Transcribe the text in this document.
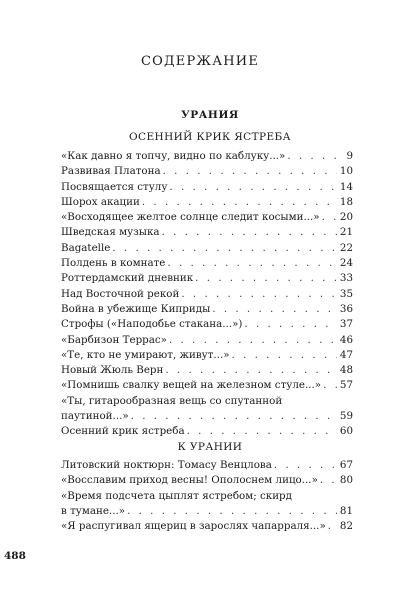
СОДЕРЖАНИЕ
УРАНИЯ
ОСЕННИЙ КРИК ЯСТРЕБА
«Как давно я топчу, видно по каблуку...» . . .	9
Развивая Платона . . .	10
Посвящается стулу . . .	14
Шорох акации . . .	18
«Восходящее желтое солнце следит косыми...» . . . 20
Шведская музыка . . .	21
Bagatelle . . .	22
Полдень в комнате . . .	24
Роттердамский дневник . . .	33
Над Восточной рекой . . .	35
Война в убежище Киприды . . .	36
Строфы («Наподобье стакана...») . . .	37
«Барбизон Террас» . . .	46
«Те, кто не умирают, живут...» . . .	47
Новый Жюль Верн . . .	48
«Помнишь свалку вещей на железном стуле...» . . . 57
«Ты, гитарообразная вещь со спутанной
паутиной...» . . .	59
Осенний крик ястреба . . .	60
К УРАНИИ
Литовский ноктюрн: Томасу Венцлова . . .	67
«Восславим приход весны! Ополоснем лицо...» . . . 80
«Время подсчета цыплят ястребом; скирд
в тумане...» . . .	81
«Я распугивал ящериц в зарослях чапарраля...» . . . 82
488
